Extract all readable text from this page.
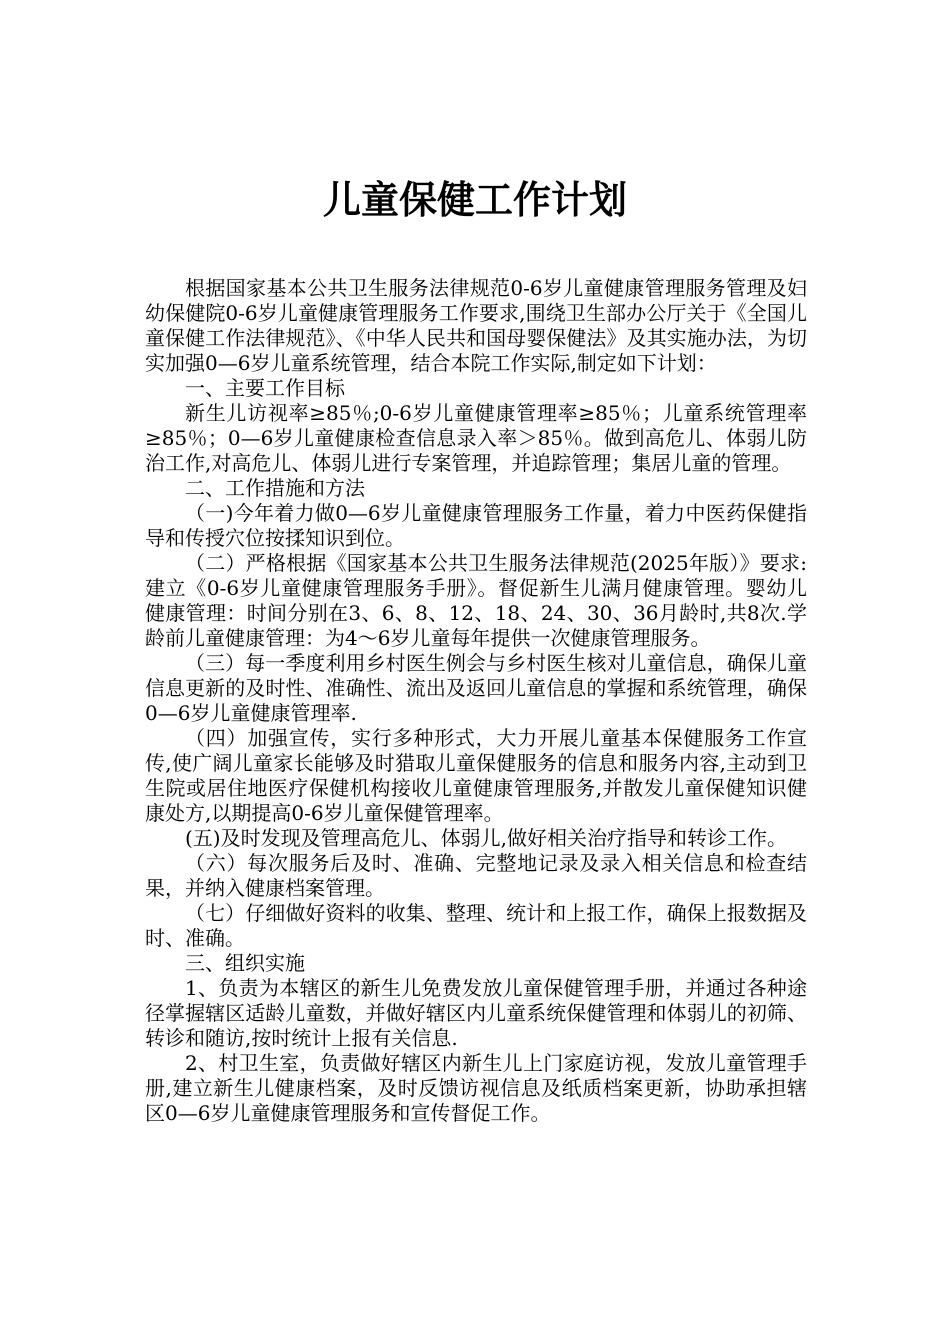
儿童保健工作计划

根据国家基本公共卫生服务法律规范0-6岁儿童健康管理服务管理及妇幼保健院0-6岁儿童健康管理服务工作要求,围绕卫生部办公厅关于《全国儿童保健工作法律规范》、《中华人民共和国母婴保健法》及其实施办法，为切实加强0—6岁儿童系统管理，结合本院工作实际,制定如下计划：

一、主要工作目标

新生儿访视率≥85％;0-6岁儿童健康管理率≥85％；儿童系统管理率≥85％；0—6岁儿童健康检查信息录入率＞85％。做到高危儿、体弱儿防治工作,对高危儿、体弱儿进行专案管理，并追踪管理；集居儿童的管理。

二、工作措施和方法

（一)今年着力做0—6岁儿童健康管理服务工作量，着力中医药保健指导和传授穴位按揉知识到位。

（二）严格根据《国家基本公共卫生服务法律规范(2025年版）》要求:建立《0-6岁儿童健康管理服务手册》。督促新生儿满月健康管理。婴幼儿健康管理：时间分别在3、6、8、12、18、24、30、36月龄时,共8次.学龄前儿童健康管理：为4～6岁儿童每年提供一次健康管理服务。

（三）每一季度利用乡村医生例会与乡村医生核对儿童信息，确保儿童信息更新的及时性、准确性、流出及返回儿童信息的掌握和系统管理，确保0—6岁儿童健康管理率.

（四）加强宣传，实行多种形式，大力开展儿童基本保健服务工作宣传,使广阔儿童家长能够及时猎取儿童保健服务的信息和服务内容,主动到卫生院或居住地医疗保健机构接收儿童健康管理服务,并散发儿童保健知识健康处方,以期提高0-6岁儿童保健管理率。

(五)及时发现及管理高危儿、体弱儿,做好相关治疗指导和转诊工作。

（六）每次服务后及时、准确、完整地记录及录入相关信息和检查结果，并纳入健康档案管理。

（七）仔细做好资料的收集、整理、统计和上报工作，确保上报数据及时、准确。

三、组织实施

1、负责为本辖区的新生儿免费发放儿童保健管理手册，并通过各种途径掌握辖区适龄儿童数，并做好辖区内儿童系统保健管理和体弱儿的初筛、转诊和随访,按时统计上报有关信息.

2、村卫生室，负责做好辖区内新生儿上门家庭访视，发放儿童管理手册,建立新生儿健康档案，及时反馈访视信息及纸质档案更新，协助承担辖区0—6岁儿童健康管理服务和宣传督促工作。
